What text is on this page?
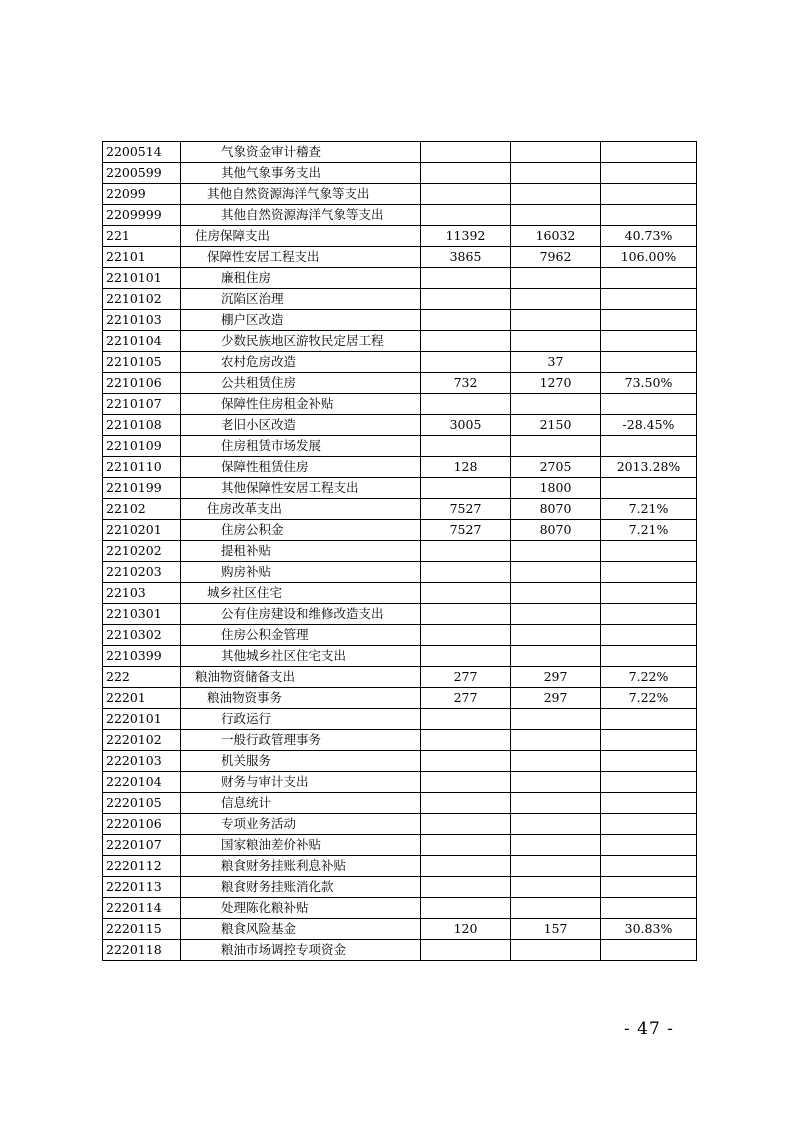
2200514	气象资金审计稽查			
2200599	其他气象事务支出			
22099	其他自然资源海洋气象等支出			
2209999	其他自然资源海洋气象等支出			
221	住房保障支出	11392	16032	40.73%
22101	保障性安居工程支出	3865	7962	106.00%
2210101	廉租住房			
2210102	沉陷区治理			
2210103	棚户区改造			
2210104	少数民族地区游牧民定居工程			
2210105	农村危房改造		37	
2210106	公共租赁住房	732	1270	73.50%
2210107	保障性住房租金补贴			
2210108	老旧小区改造	3005	2150	-28.45%
2210109	住房租赁市场发展			
2210110	保障性租赁住房	128	2705	2013.28%
2210199	其他保障性安居工程支出		1800	
22102	住房改革支出	7527	8070	7.21%
2210201	住房公积金	7527	8070	7.21%
2210202	提租补贴			
2210203	购房补贴			
22103	城乡社区住宅			
2210301	公有住房建设和维修改造支出			
2210302	住房公积金管理			
2210399	其他城乡社区住宅支出			
222	粮油物资储备支出	277	297	7.22%
22201	粮油物资事务	277	297	7.22%
2220101	行政运行			
2220102	一般行政管理事务			
2220103	机关服务			
2220104	财务与审计支出			
2220105	信息统计			
2220106	专项业务活动			
2220107	国家粮油差价补贴			
2220112	粮食财务挂账利息补贴			
2220113	粮食财务挂账消化款			
2220114	处理陈化粮补贴			
2220115	粮食风险基金	120	157	30.83%
2220118	粮油市场调控专项资金			
- 47 -
